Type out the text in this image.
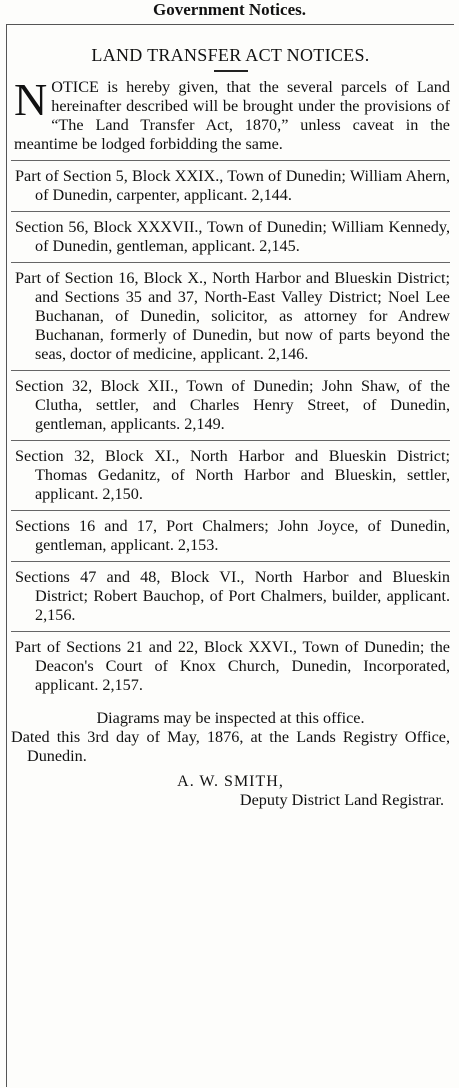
Government Notices.
LAND TRANSFER ACT NOTICES.
N OTICE is hereby given, that the several parcels of Land hereinafter described will be brought under the provisions of “The Land Transfer Act, 1870,” unless caveat in the meantime be lodged forbidding the same.

Part of Section 5, Block XXIX., Town of Dunedin; William Ahern, of Dunedin, carpenter, applicant. 2,144.

Section 56, Block XXXVII., Town of Dunedin; William Kennedy, of Dunedin, gentleman, applicant. 2,145.

Part of Section 16, Block X., North Harbor and Blueskin District; and Sections 35 and 37, North-East Valley District; Noel Lee Buchanan, of Dunedin, solicitor, as attorney for Andrew Buchanan, formerly of Dunedin, but now of parts beyond the seas, doctor of medicine, applicant. 2,146.

Section 32, Block XII., Town of Dunedin; John Shaw, of the Clutha, settler, and Charles Henry Street, of Dunedin, gentleman, applicants. 2,149.

Section 32, Block XI., North Harbor and Blueskin District; Thomas Gedanitz, of North Harbor and Blueskin, settler, applicant. 2,150.

Sections 16 and 17, Port Chalmers; John Joyce, of Dunedin, gentleman, applicant. 2,153.

Sections 47 and 48, Block VI., North Harbor and Blueskin District; Robert Bauchop, of Port Chalmers, builder, applicant. 2,156.

Part of Sections 21 and 22, Block XXVI., Town of Dunedin; the Deacon's Court of Knox Church, Dunedin, Incorporated, applicant. 2,157.

Diagrams may be inspected at this office.
Dated this 3rd day of May, 1876, at the Lands Registry Office, Dunedin.
A. W. SMITH,
Deputy District Land Registrar.
